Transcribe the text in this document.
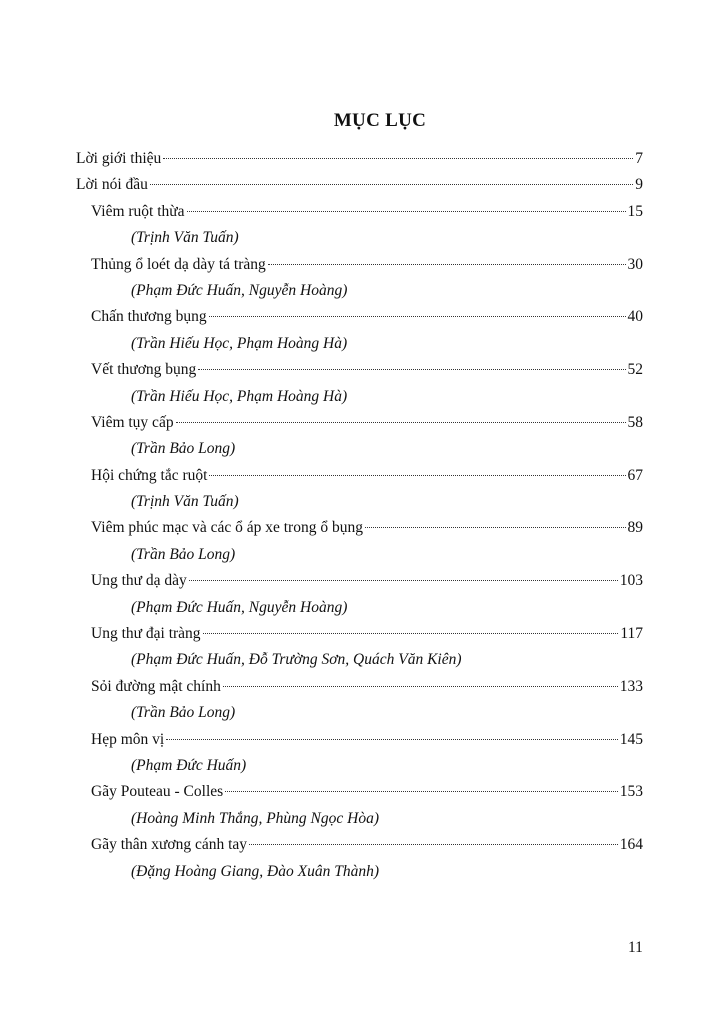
MỤC LỤC
Lời giới thiệu	7
Lời nói đầu	9
Viêm ruột thừa	15
(Trịnh Văn Tuấn)
Thủng ổ loét dạ dày tá tràng	30
(Phạm Đức Huấn, Nguyễn Hoàng)
Chấn thương bụng	40
(Trần Hiếu Học, Phạm Hoàng Hà)
Vết thương bụng	52
(Trần Hiếu Học, Phạm Hoàng Hà)
Viêm tụy cấp	58
(Trần Bảo Long)
Hội chứng tắc ruột	67
(Trịnh Văn Tuấn)
Viêm phúc mạc và các ổ áp xe trong ổ bụng	89
(Trần Bảo Long)
Ung thư dạ dày	103
(Phạm Đức Huấn, Nguyễn Hoàng)
Ung thư đại tràng	117
(Phạm Đức Huấn, Đỗ Trường Sơn, Quách Văn Kiên)
Sỏi đường mật chính	133
(Trần Bảo Long)
Hẹp môn vị	145
(Phạm Đức Huấn)
Gãy Pouteau - Colles	153
(Hoàng Minh Thắng, Phùng Ngọc Hòa)
Gãy thân xương cánh tay	164
(Đặng Hoàng Giang, Đào Xuân Thành)
11
